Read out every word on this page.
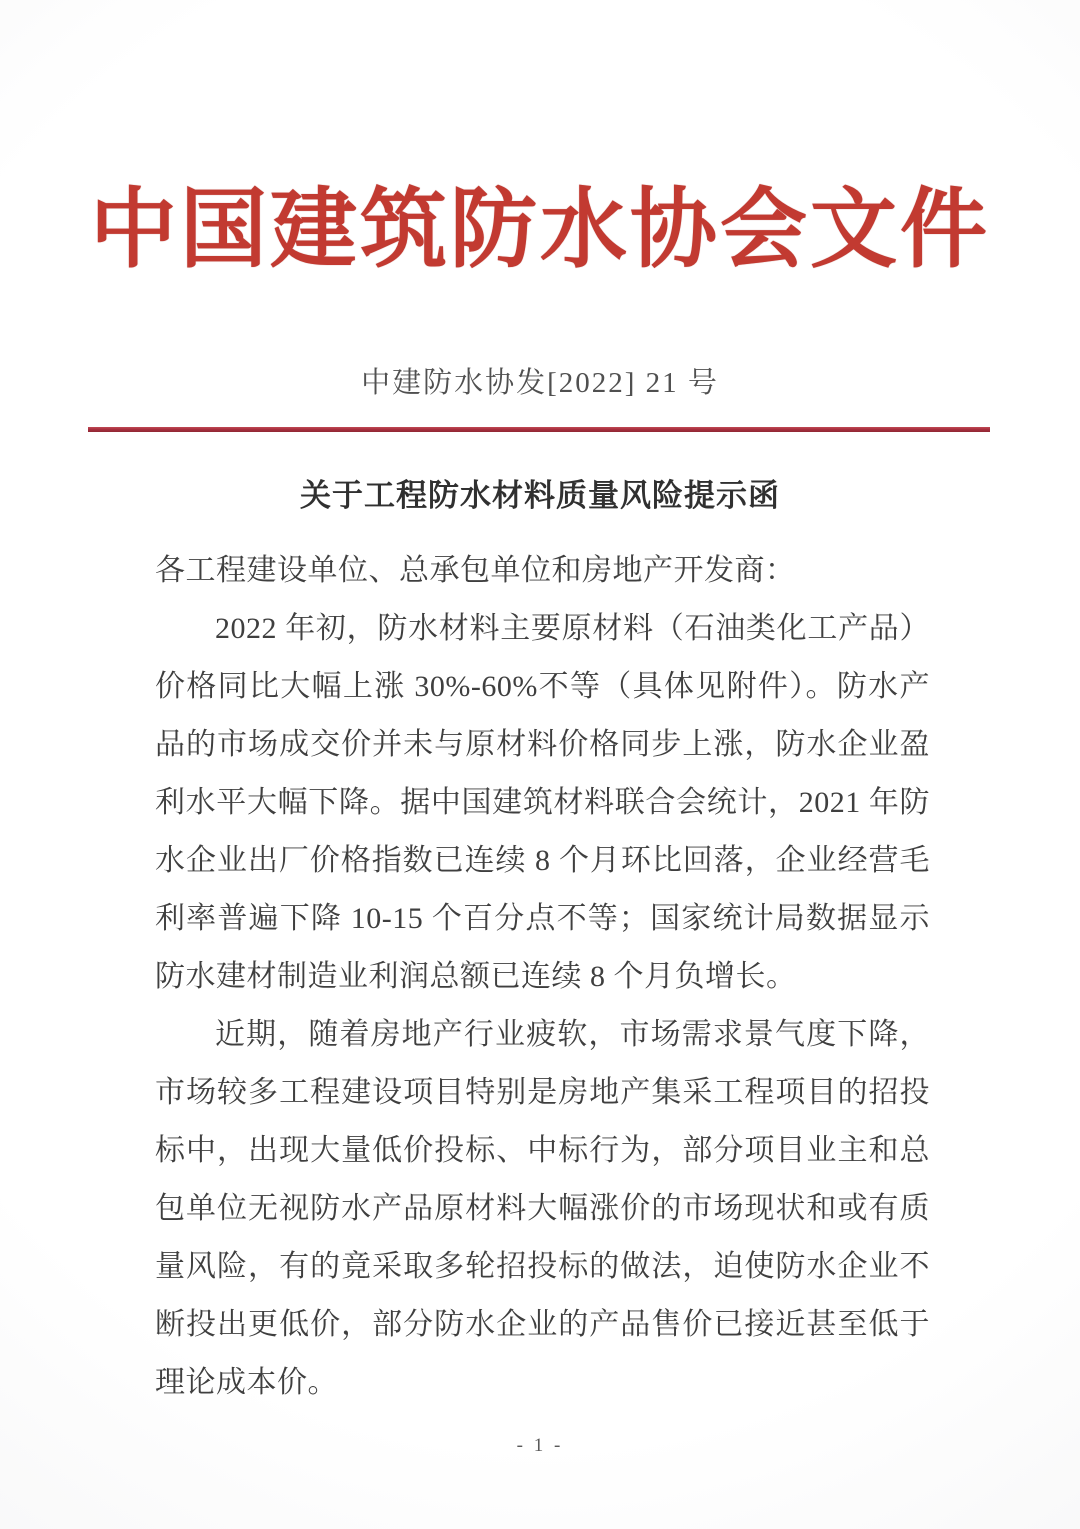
中国建筑防水协会文件
中建防水协发[2022] 21 号
关于工程防水材料质量风险提示函

各工程建设单位、总承包单位和房地产开发商：

2022 年初，防水材料主要原材料（石油类化工产品）价格同比大幅上涨 30%-60%不等（具体见附件）。防水产品的市场成交价并未与原材料价格同步上涨，防水企业盈利水平大幅下降。据中国建筑材料联合会统计，2021 年防水企业出厂价格指数已连续 8 个月环比回落，企业经营毛利率普遍下降 10-15 个百分点不等；国家统计局数据显示防水建材制造业利润总额已连续 8 个月负增长。

近期，随着房地产行业疲软，市场需求景气度下降，市场较多工程建设项目特别是房地产集采工程项目的招投标中，出现大量低价投标、中标行为，部分项目业主和总包单位无视防水产品原材料大幅涨价的市场现状和或有质量风险，有的竟采取多轮招投标的做法，迫使防水企业不断投出更低价，部分防水企业的产品售价已接近甚至低于理论成本价。

- 1 -
